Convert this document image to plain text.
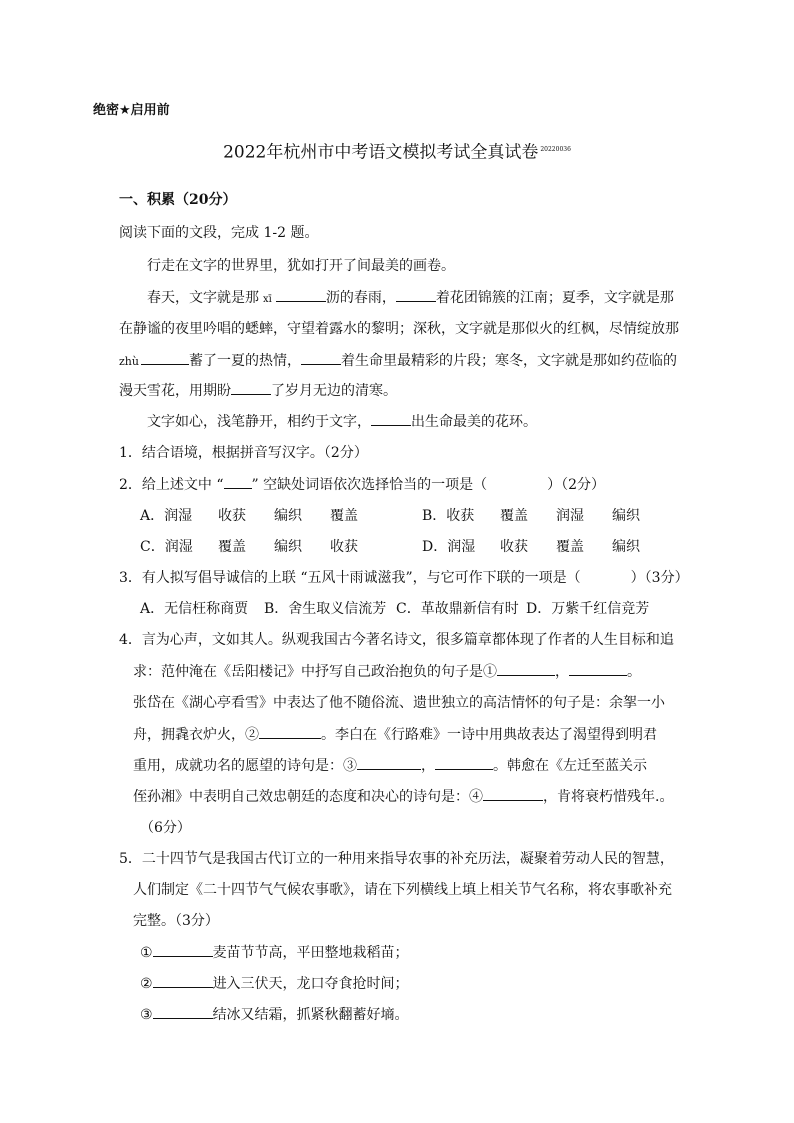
绝密★启用前
2022年杭州市中考语文模拟考试全真试卷 $^{20220036}$
一、积累（20分）
阅读下面的文段，完成 1-2 题。
行走在文字的世界里，犹如打开了间最美的画卷。
春天，文字就是那 xī	沥的春雨，	着花团锦簇的江南；夏季，文字就是那
在静谧的夜里吟唱的蟋蟀，守望着露水的黎明；深秋，文字就是那似火的红枫，尽情绽放那
zhù	蓄了一夏的热情，	着生命里最精彩的片段；寒冬，文字就是那如约莅临的
漫天雪花，用期盼	了岁月无边的清寒。
文字如心，浅笔静开，相约于文字，	出生命最美的花环。
1．结合语境，根据拼音写汉字。（2分）
2．给上述文中 “ ” 空缺处词语依次选择恰当的一项是（	）（2分）
A．润湿 收获 编织 覆盖	B．收获 覆盖 润湿 编织
C．润湿 覆盖 编织 收获	D．润湿 收获 覆盖 编织
3．有人拟写倡导诚信的上联 “五风十雨诚滋我”，与它可作下联的一项是（	）（3分）
A．无信枉称商贾 B．舍生取义信流芳 C．革故鼎新信有时 D．万紫千红信竞芳
4．言为心声，文如其人。纵观我国古今著名诗文，很多篇章都体现了作者的人生目标和追
求：范仲淹在《岳阳楼记》中抒写自己政治抱负的句子是①	，	。
张岱在《湖心亭看雪》中表达了他不随俗流、遗世独立的高洁情怀的句子是：余挐一小
舟，拥毳衣炉火，②	。李白在《行路难》一诗中用典故表达了渴望得到明君
重用，成就功名的愿望的诗句是：③	，	。韩愈在《左迁至蓝关示
侄孙湘》中表明自己效忠朝廷的态度和决心的诗句是：④	，肯将衰朽惜残年.。
（6分）
5．二十四节气是我国古代订立的一种用来指导农事的补充历法，凝聚着劳动人民的智慧，
人们制定《二十四节气气候农事歌》，请在下列横线上填上相关节气名称，将农事歌补充
完整。（3分）
①	麦苗节节高，平田整地栽稻苗；
②	进入三伏天，龙口夺食抢时间；
③	结冰又结霜，抓紧秋翻蓄好墒。
